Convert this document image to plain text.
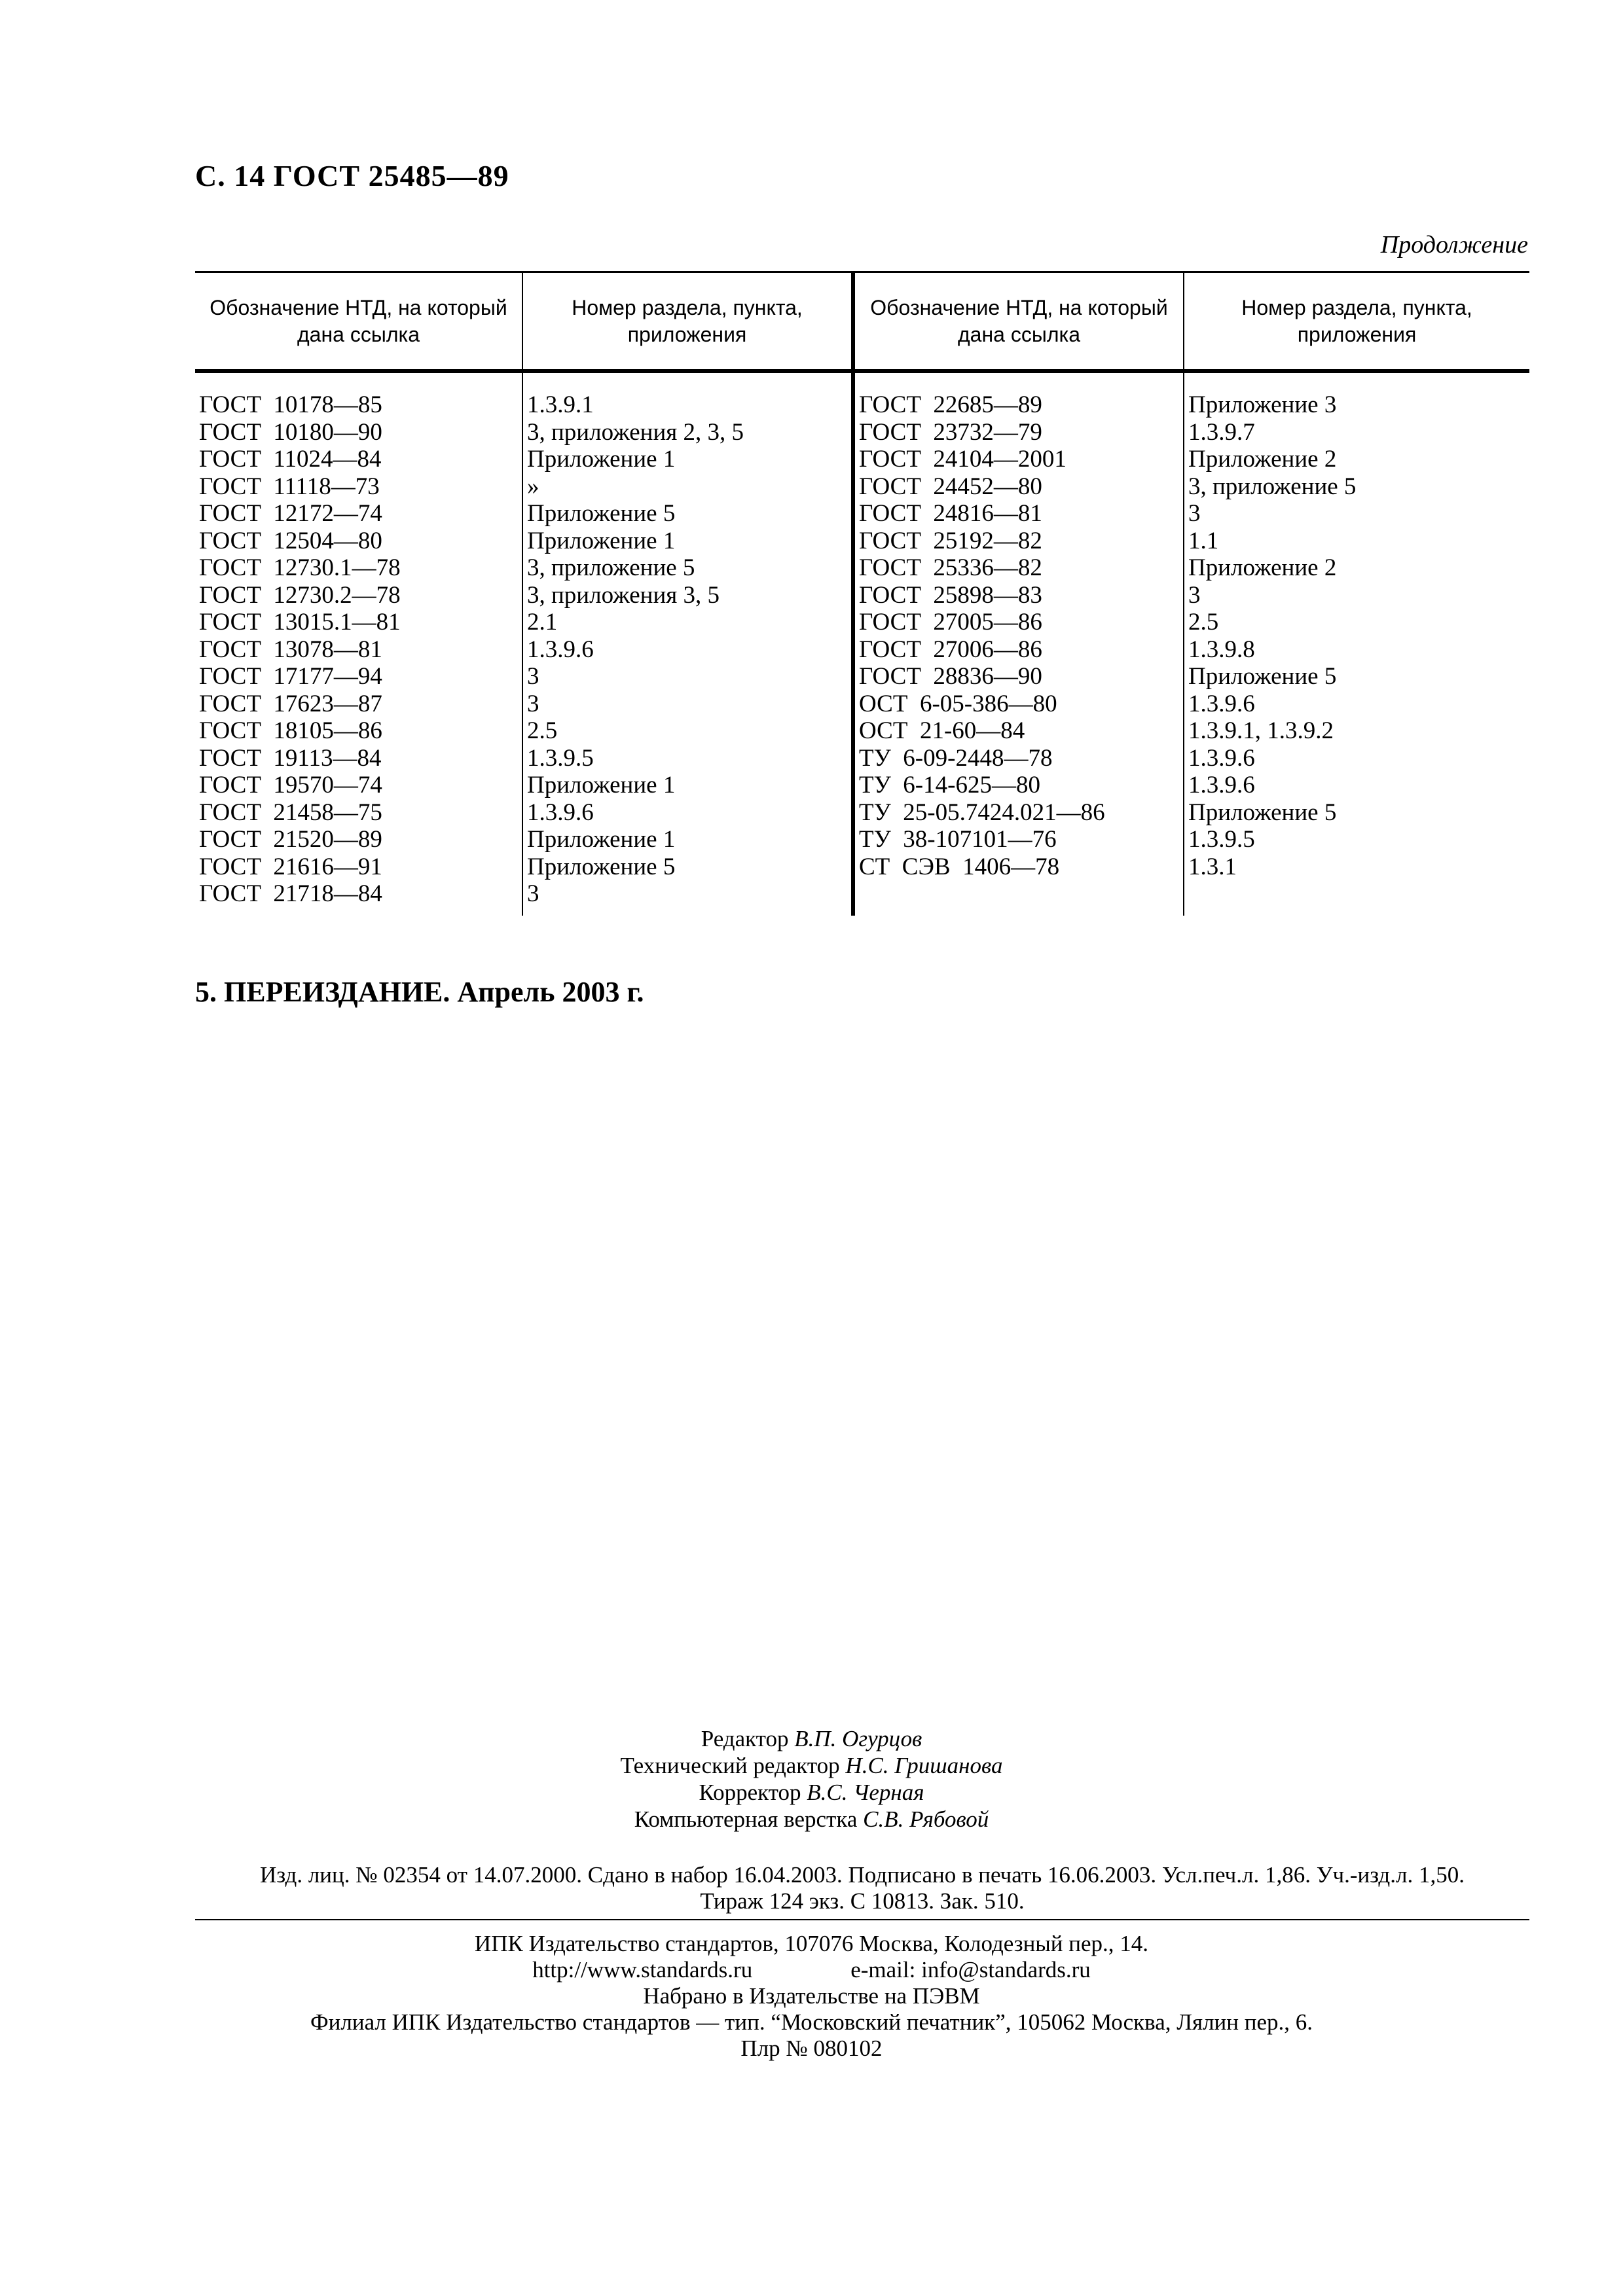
С. 14 ГОСТ 25485—89
Продолжение
Обозначение НТД, на который дана ссылка	Номер раздела, пункта, приложения	Обозначение НТД, на который дана ссылка	Номер раздела, пункта, приложения
ГОСТ  10178—85	1.3.9.1	ГОСТ  22685—89	Приложение 3
ГОСТ  10180—90	3, приложения 2, 3, 5	ГОСТ  23732—79	1.3.9.7
ГОСТ  11024—84	Приложение 1	ГОСТ  24104—2001	Приложение 2
ГОСТ  11118—73	»	ГОСТ  24452—80	3, приложение 5
ГОСТ  12172—74	Приложение 5	ГОСТ  24816—81	3
ГОСТ  12504—80	Приложение 1	ГОСТ  25192—82	1.1
ГОСТ  12730.1—78	3, приложение 5	ГОСТ  25336—82	Приложение 2
ГОСТ  12730.2—78	3, приложения 3, 5	ГОСТ  25898—83	3
ГОСТ  13015.1—81	2.1	ГОСТ  27005—86	2.5
ГОСТ  13078—81	1.3.9.6	ГОСТ  27006—86	1.3.9.8
ГОСТ  17177—94	3	ГОСТ  28836—90	Приложение 5
ГОСТ  17623—87	3	ОСТ  6-05-386—80	1.3.9.6
ГОСТ  18105—86	2.5	ОСТ  21-60—84	1.3.9.1, 1.3.9.2
ГОСТ  19113—84	1.3.9.5	ТУ  6-09-2448—78	1.3.9.6
ГОСТ  19570—74	Приложение 1	ТУ  6-14-625—80	1.3.9.6
ГОСТ  21458—75	1.3.9.6	ТУ  25-05.7424.021—86	Приложение 5
ГОСТ  21520—89	Приложение 1	ТУ  38-107101—76	1.3.9.5
ГОСТ  21616—91	Приложение 5	СТ  СЭВ  1406—78	1.3.1
ГОСТ  21718—84	3		
5. ПЕРЕИЗДАНИЕ. Апрель 2003 г.
Редактор В.П. Огурцов
Технический редактор Н.С. Гришанова
Корректор В.С. Черная
Компьютерная верстка С.В. Рябовой
Изд. лиц. № 02354 от 14.07.2000. Сдано в набор 16.04.2003. Подписано в печать 16.06.2003. Усл.печ.л. 1,86. Уч.-изд.л. 1,50.
Тираж 124 экз. С 10813. Зак. 510.
ИПК Издательство стандартов, 107076 Москва, Колодезный пер., 14.
http://www.standards.ru	e-mail: info@standards.ru
Набрано в Издательстве на ПЭВМ
Филиал ИПК Издательство стандартов — тип. “Московский печатник”, 105062 Москва, Лялин пер., 6.
Плр № 080102
